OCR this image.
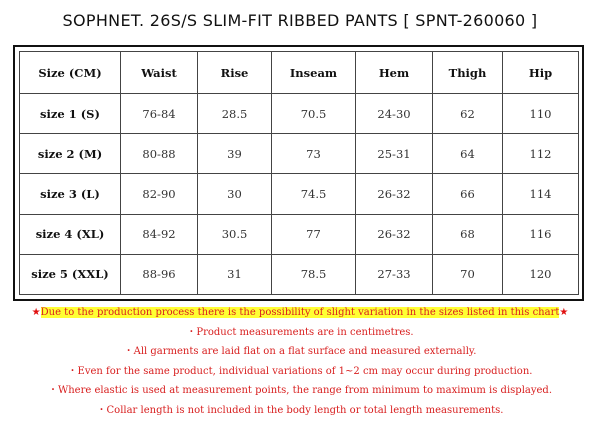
SOPHNET. 26S/S SLIM-FIT RIBBED PANTS [ SPNT-260060 ]
Size (CM)	Waist	Rise	Inseam	Hem	Thigh	Hip
size 1 (S)	76-84	28.5	70.5	24-30	62	110
size 2 (M)	80-88	39	73	25-31	64	112
size 3 (L)	82-90	30	74.5	26-32	66	114
size 4 (XL)	84-92	30.5	77	26-32	68	116
size 5 (XXL)	88-96	31	78.5	27-33	70	120
★Due to the production process there is the possibility of slight variation in the sizes listed in this chart★
・Product measurements are in centimetres.
・All garments are laid flat on a flat surface and measured externally.
・Even for the same product, individual variations of 1~2 cm may occur during production.
・Where elastic is used at measurement points, the range from minimum to maximum is displayed.
・Collar length is not included in the body length or total length measurements.
